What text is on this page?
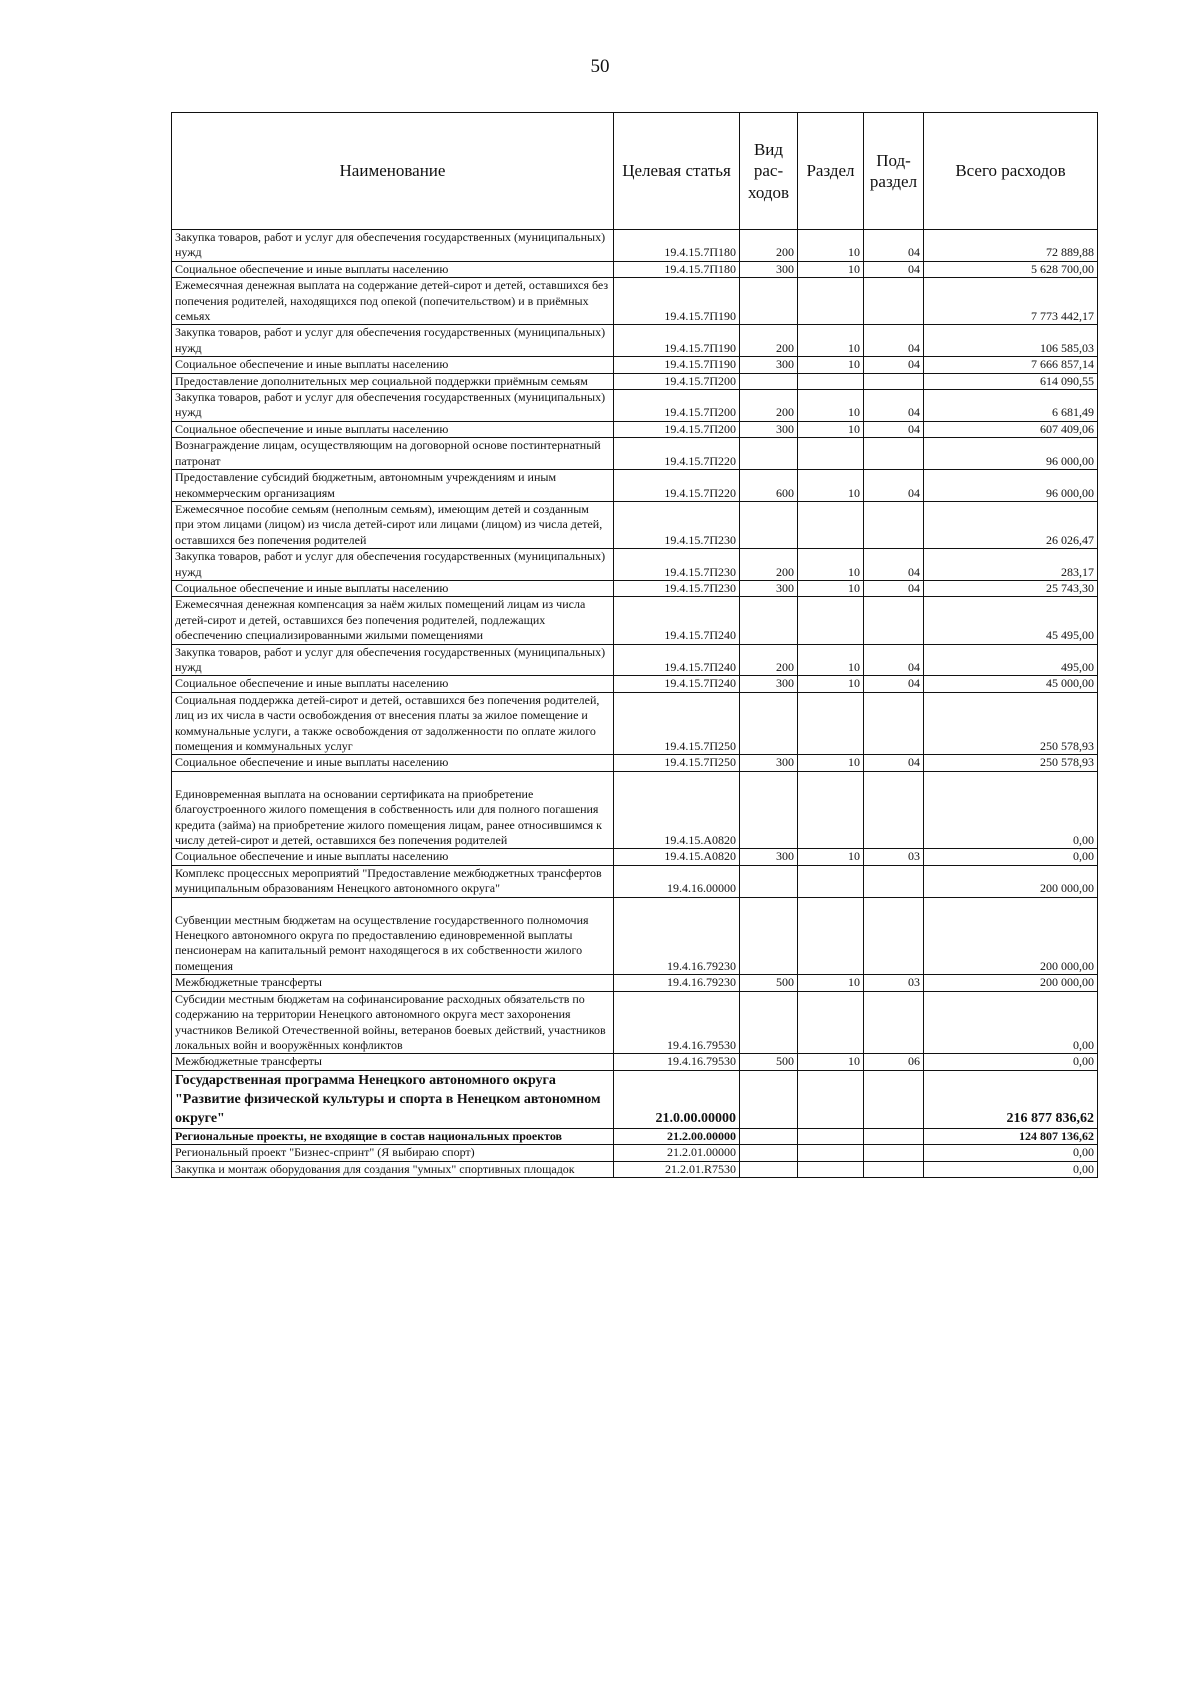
50
Наименование	Целевая статья	Вид рас-ходов	Раздел	Под-раздел	Всего расходов
Закупка товаров, работ и услуг для обеспечения государственных (муниципальных) нужд	19.4.15.7П180	200	10	04	72 889,88
Социальное обеспечение и иные выплаты населению	19.4.15.7П180	300	10	04	5 628 700,00
Ежемесячная денежная выплата на содержание детей-сирот и детей, оставшихся без попечения родителей, находящихся под опекой (попечительством) и в приёмных семьях	19.4.15.7П190				7 773 442,17
Закупка товаров, работ и услуг для обеспечения государственных (муниципальных) нужд	19.4.15.7П190	200	10	04	106 585,03
Социальное обеспечение и иные выплаты населению	19.4.15.7П190	300	10	04	7 666 857,14
Предоставление дополнительных мер социальной поддержки приёмным семьям	19.4.15.7П200				614 090,55
Закупка товаров, работ и услуг для обеспечения государственных (муниципальных) нужд	19.4.15.7П200	200	10	04	6 681,49
Социальное обеспечение и иные выплаты населению	19.4.15.7П200	300	10	04	607 409,06
Вознаграждение лицам, осуществляющим на договорной основе постинтернатный патронат	19.4.15.7П220				96 000,00
Предоставление субсидий бюджетным, автономным учреждениям и иным некоммерческим организациям	19.4.15.7П220	600	10	04	96 000,00
Ежемесячное пособие семьям (неполным семьям), имеющим детей и созданным при этом лицами (лицом) из числа детей-сирот или лицами (лицом) из числа детей, оставшихся без попечения родителей	19.4.15.7П230				26 026,47
Закупка товаров, работ и услуг для обеспечения государственных (муниципальных) нужд	19.4.15.7П230	200	10	04	283,17
Социальное обеспечение и иные выплаты населению	19.4.15.7П230	300	10	04	25 743,30
Ежемесячная денежная компенсация за наём жилых помещений лицам из числа детей-сирот и детей, оставшихся без попечения родителей, подлежащих обеспечению специализированными жилыми помещениями	19.4.15.7П240				45 495,00
Закупка товаров, работ и услуг для обеспечения государственных (муниципальных) нужд	19.4.15.7П240	200	10	04	495,00
Социальное обеспечение и иные выплаты населению	19.4.15.7П240	300	10	04	45 000,00
Социальная поддержка детей-сирот и детей, оставшихся без попечения родителей, лиц из их числа в части освобождения от внесения платы за жилое помещение и коммунальные услуги, а также освобождения от задолженности по оплате жилого помещения и коммунальных услуг	19.4.15.7П250				250 578,93
Социальное обеспечение и иные выплаты населению	19.4.15.7П250	300	10	04	250 578,93
Единовременная выплата на основании сертификата на приобретение благоустроенного жилого помещения в собственность или для полного погашения кредита (займа) на приобретение жилого помещения лицам, ранее относившимся к числу детей-сирот и детей, оставшихся без попечения родителей	19.4.15.А0820				0,00
Социальное обеспечение и иные выплаты населению	19.4.15.А0820	300	10	03	0,00
Комплекс процессных мероприятий "Предоставление межбюджетных трансфертов муниципальным образованиям Ненецкого автономного округа"	19.4.16.00000				200 000,00
Субвенции местным бюджетам на осуществление государственного полномочия Ненецкого автономного округа по предоставлению единовременной выплаты пенсионерам на капитальный ремонт находящегося в их собственности жилого помещения	19.4.16.79230				200 000,00
Межбюджетные трансферты	19.4.16.79230	500	10	03	200 000,00
Субсидии местным бюджетам на софинансирование расходных обязательств по содержанию на территории Ненецкого автономного округа мест захоронения участников Великой Отечественной войны, ветеранов боевых действий, участников локальных войн и вооружённых конфликтов	19.4.16.79530				0,00
Межбюджетные трансферты	19.4.16.79530	500	10	06	0,00
Государственная программа Ненецкого автономного округа "Развитие физической культуры и спорта в Ненецком автономном округе"	21.0.00.00000				216 877 836,62
Региональные проекты, не входящие в состав национальных проектов	21.2.00.00000				124 807 136,62
Региональный проект "Бизнес-спринт" (Я выбираю спорт)	21.2.01.00000				0,00
Закупка и монтаж оборудования для создания "умных" спортивных площадок	21.2.01.R7530				0,00
